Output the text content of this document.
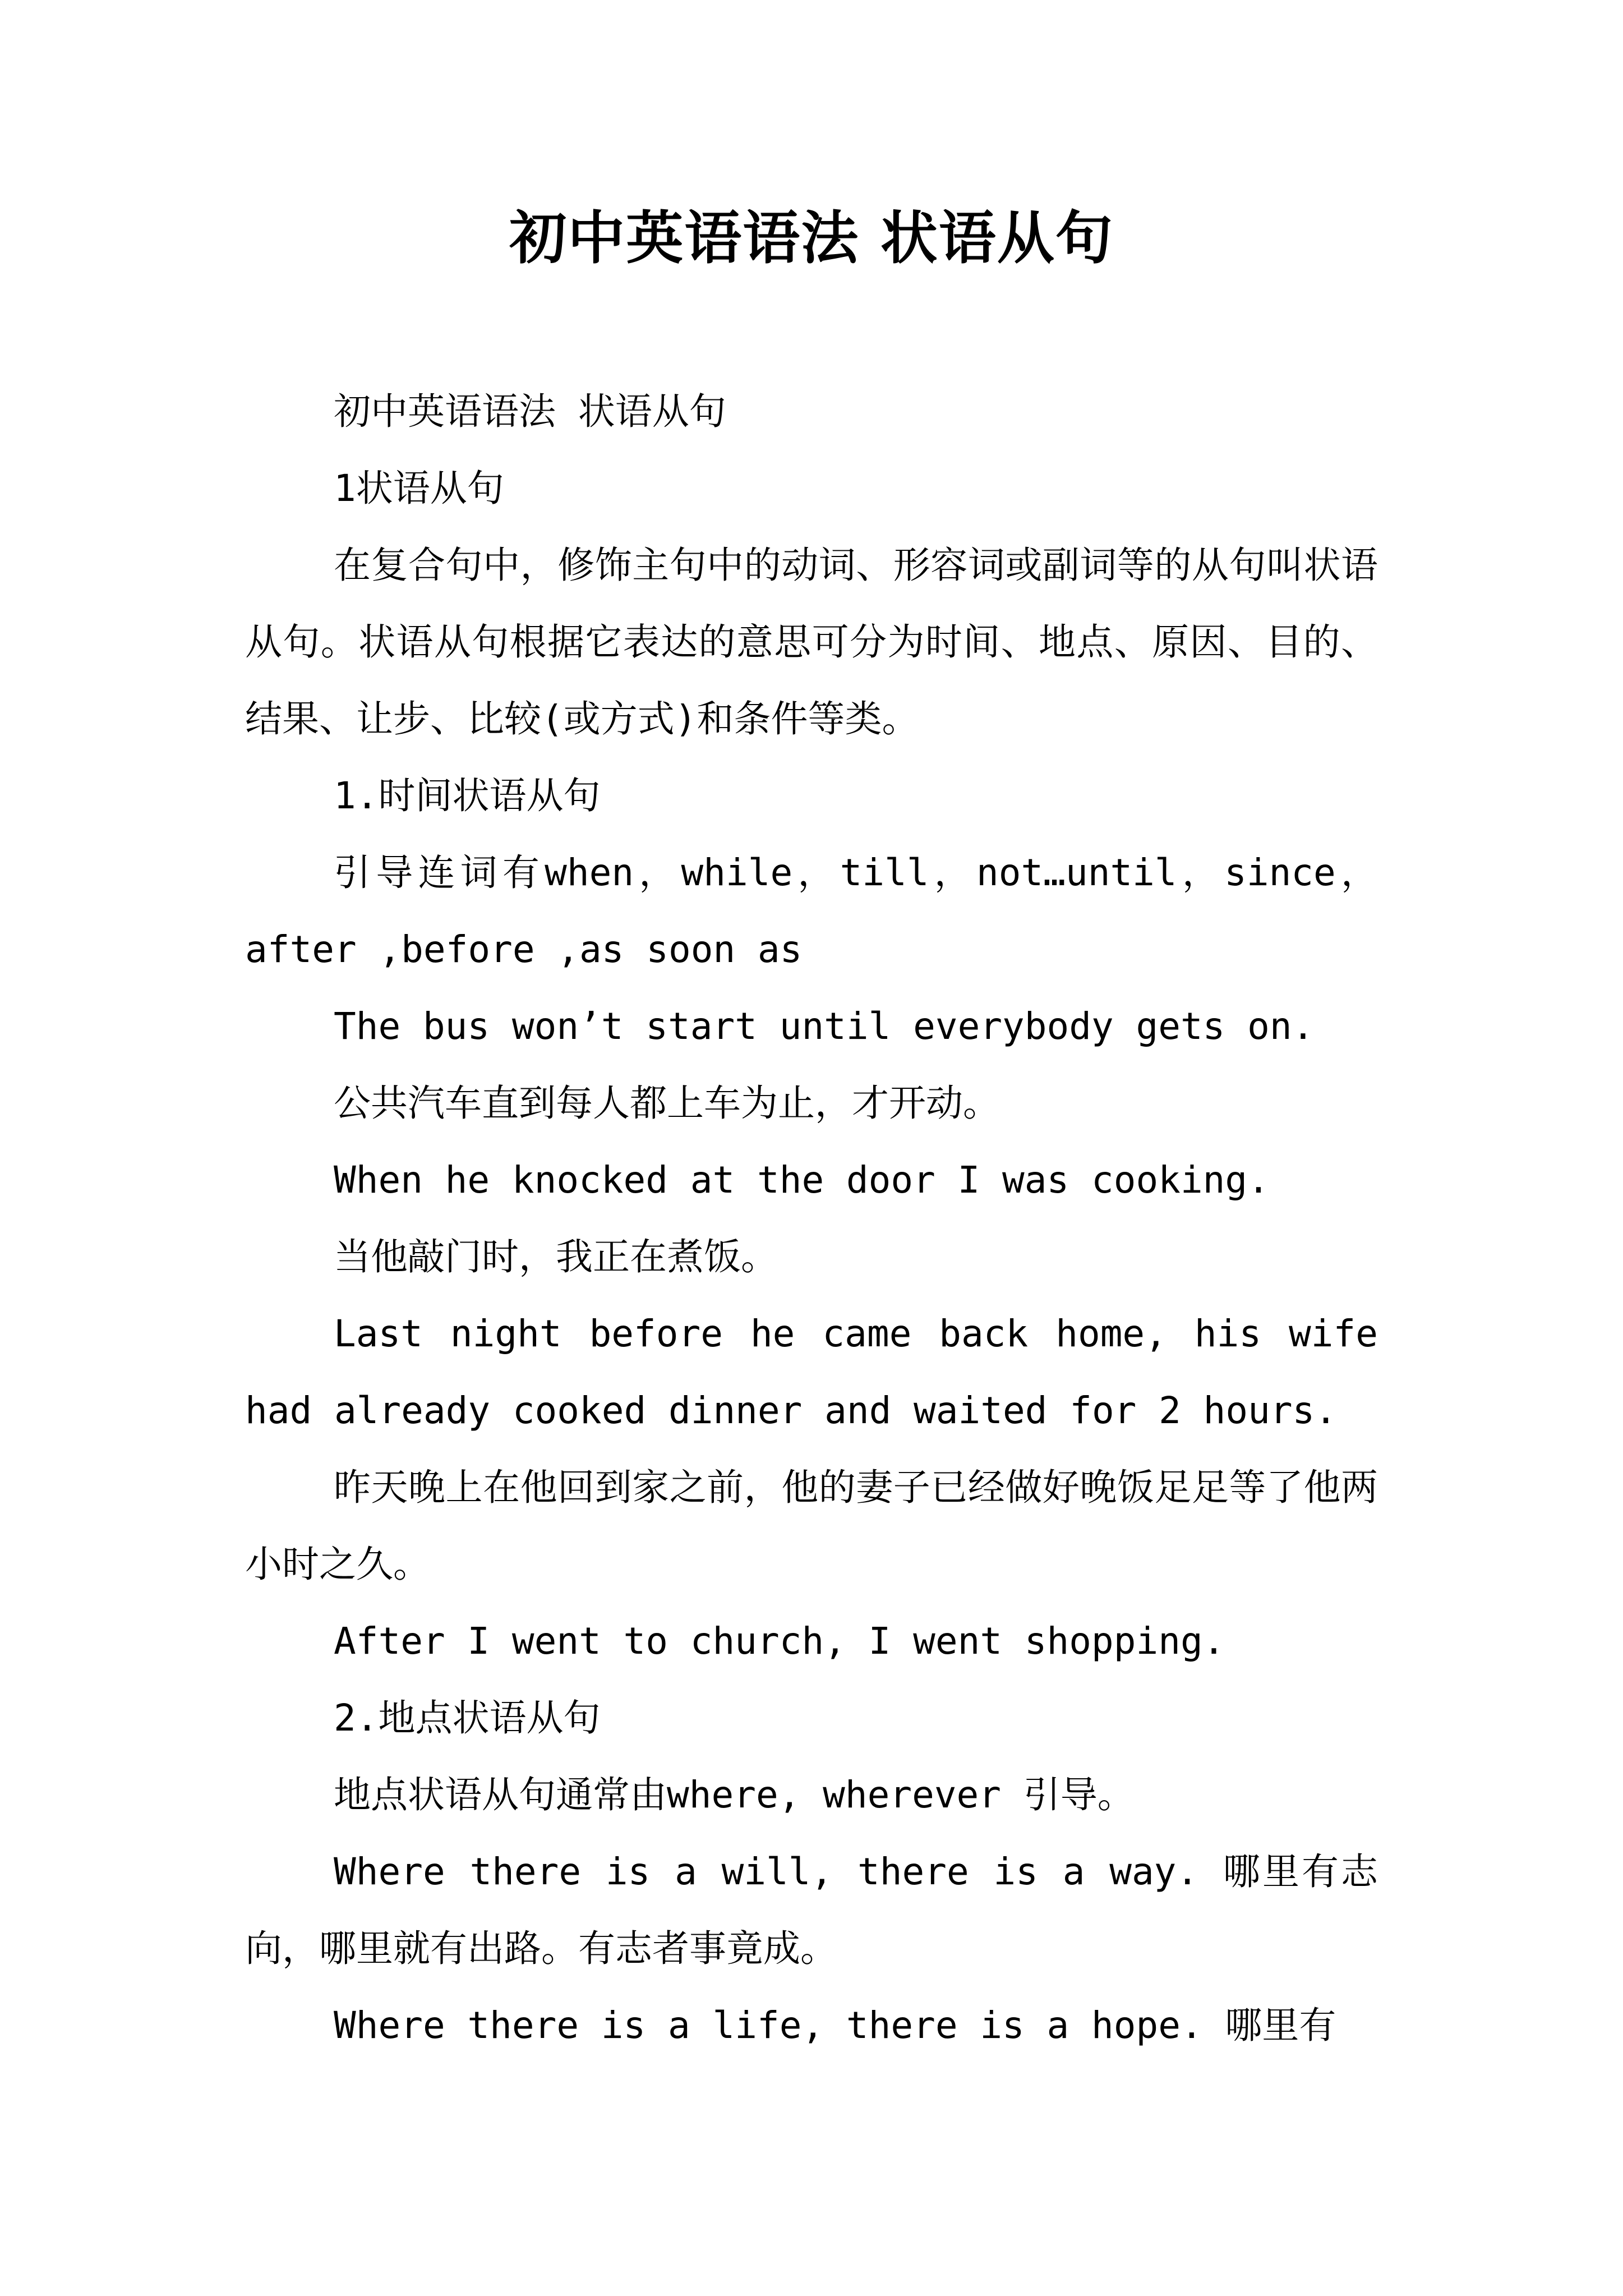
初中英语语法 状语从句

初中英语语法 状语从句

1状语从句

在复合句中，修饰主句中的动词、形容词或副词等的从句叫状语从句。状语从句根据它表达的意思可分为时间、地点、原因、目的、结果、让步、比较(或方式)和条件等类。

1.时间状语从句

引导连词有when，while，till，not…until，since，after ,before ,as soon as

The bus won’t start until everybody gets on.

公共汽车直到每人都上车为止，才开动。

When he knocked at the door I was cooking.

当他敲门时，我正在煮饭。

Last night before he came back home, his wife had already cooked dinner and waited for 2 hours.

昨天晚上在他回到家之前，他的妻子已经做好晚饭足足等了他两小时之久。

After I went to church, I went shopping.

2.地点状语从句

地点状语从句通常由where, wherever 引导。

Where there is a will, there is a way. 哪里有志向，哪里就有出路。有志者事竟成。

Where there is a life, there is a hope. 哪里有
